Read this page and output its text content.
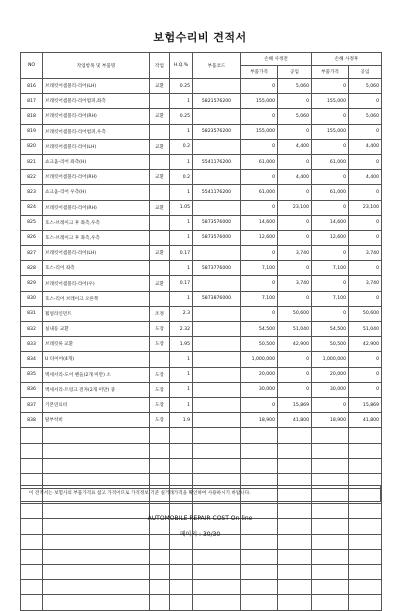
보험수리비 견적서
NO	작업항목 및 부품명	작업	H.Q.%	부품코드	손해 사정전		손해 사정후	
					부품가격	공임	부품가격	공임
816	브래킷어셈블리-리어(LH)	교환	0.25		0	5,060	0	5,060
817	브래킷어셈블리-리어범퍼,좌측		1	5821576200	155,000	0	155,000	0
818	브래킷어셈블리-리어(RH)	교환	0.25		0	5,060	0	5,060
819	브래킷어셈블리-리어범퍼,우측		1	5823576200	155,000	0	155,000	0
820	브래킷어셈블리-리어(LH)	교환	0.2		0	4,400	0	4,400
821	쇼크옵-리어 좌측(H)		1	5541176200	61,000	0	61,000	0
822	브래킷어셈블리-리어(RH)	교환	0.2		0	4,400	0	4,400
823	쇼크옵-리어 우측(H)		1	5541176200	61,000	0	61,000	0
824	브래킷어셈블리-리어(RH)	교환	1.05		0	23,100	0	23,100
825	호스-브레이크 후 좌측,우측		1	5873576000	14,600	0	14,600	0
826	호스-브레이크 후 좌측,우측		1	5873576000	12,600	0	12,600	0
827	브래킷어셈블리-리어(LH)	교환	0.17		0	3,740	0	3,740
828	호스-리어 좌측		1	5873776000	7,100	0	7,100	0
829	브래킷어셈블리-리어(우)	교환	0.17		0	3,740	0	3,740
830	호스-리어 브레이크 오른쪽		1	5873876000	7,100	0	7,100	0
831	휠얼라인먼트	조정	2.3		0	50,600	0	50,600
832	실내등 교환	도장	2.32		54,500	51,040	54,500	51,040
833	브래킷류 교환	도장	1.95		50,500	42,900	50,500	42,900
834	U 타이어(4개)		1		1,000,000	0	1,000,000	0
835	액세서리-도어 핸들(2개 미만) 소	도장	1		20,000	0	20,000	0
836	액세서리-트렁크 전자(2개 미만) 중	도장	1		30,000	0	30,000	0
837	기본연료비	도장	1		0	15,869	0	15,869
838	탈부착비	도장	1.9		18,900	41,800	18,900	41,800

이 견적서는 보험사의 부품가격표 참고 가격이므로 가격정보 기준 실거래가격을 확인하여 사용하시기 바랍니다.
AUTOMOBILE REPAIR COST On-line
페이지 : 30/30
